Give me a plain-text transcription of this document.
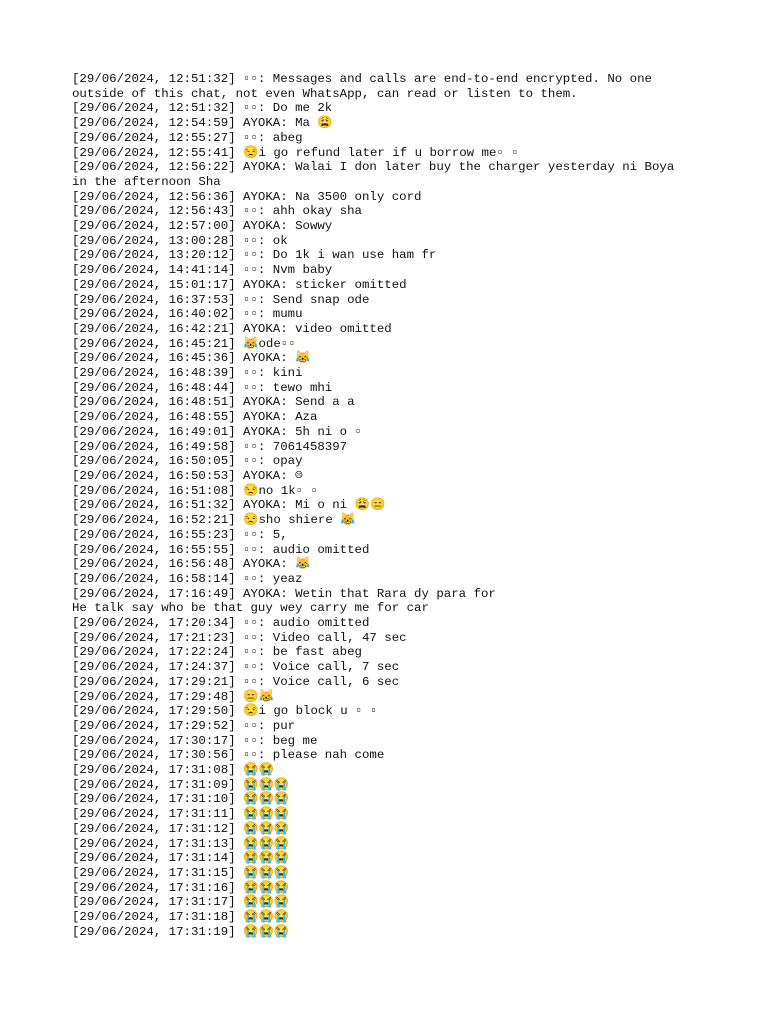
[29/06/2024, 12:51:32] ▫▫: Messages and calls are end-to-end encrypted. No one outside of this chat, not even WhatsApp, can read or listen to them.
[29/06/2024, 12:51:32] ▫▫: Do me 2k
[29/06/2024, 12:54:59] AYOKA: Ma 😩
[29/06/2024, 12:55:27] ▫▫: abeg
[29/06/2024, 12:55:41] 😒i go refund later if u borrow me▫ ▫
[29/06/2024, 12:56:22] AYOKA: Walai I don later buy the charger yesterday ni Boya in the afternoon Sha
[29/06/2024, 12:56:36] AYOKA: Na 3500 only cord
[29/06/2024, 12:56:43] ▫▫: ahh okay sha
[29/06/2024, 12:57:00] AYOKA: Sowwy
[29/06/2024, 13:00:28] ▫▫: ok
[29/06/2024, 13:20:12] ▫▫: Do 1k i wan use ham fr
[29/06/2024, 14:41:14] ▫▫: Nvm baby
[29/06/2024, 15:01:17] AYOKA: sticker omitted
[29/06/2024, 16:37:53] ▫▫: Send snap ode
[29/06/2024, 16:40:02] ▫▫: mumu
[29/06/2024, 16:42:21] AYOKA: video omitted
[29/06/2024, 16:45:21] 😹ode▫▫
[29/06/2024, 16:45:36] AYOKA: 😹
[29/06/2024, 16:48:39] ▫▫: kini
[29/06/2024, 16:48:44] ▫▫: tewo mhi
[29/06/2024, 16:48:51] AYOKA: Send a a
[29/06/2024, 16:48:55] AYOKA: Aza
[29/06/2024, 16:49:01] AYOKA: 5h ni o ▫
[29/06/2024, 16:49:58] ▫▫: 7061458397
[29/06/2024, 16:50:05] ▫▫: opay
[29/06/2024, 16:50:53] AYOKA: ☹
[29/06/2024, 16:51:08] 😒no 1k▫ ▫
[29/06/2024, 16:51:32] AYOKA: Mi o ni 😩😑
[29/06/2024, 16:52:21] 😒sho shiere 😹
[29/06/2024, 16:55:23] ▫▫: 5,
[29/06/2024, 16:55:55] ▫▫: audio omitted
[29/06/2024, 16:56:48] AYOKA: 😹
[29/06/2024, 16:58:14] ▫▫: yeaz
[29/06/2024, 17:16:49] AYOKA: Wetin that Rara dy para for
He talk say who be that guy wey carry me for car
[29/06/2024, 17:20:34] ▫▫: audio omitted
[29/06/2024, 17:21:23] ▫▫: Video call, 47 sec
[29/06/2024, 17:22:24] ▫▫: be fast abeg
[29/06/2024, 17:24:37] ▫▫: Voice call, 7 sec
[29/06/2024, 17:29:21] ▫▫: Voice call, 6 sec
[29/06/2024, 17:29:48] 😑😹
[29/06/2024, 17:29:50] 😒i go block u ▫ ▫
[29/06/2024, 17:29:52] ▫▫: pur
[29/06/2024, 17:30:17] ▫▫: beg me
[29/06/2024, 17:30:56] ▫▫: please nah come
[29/06/2024, 17:31:08] 😭😭
[29/06/2024, 17:31:09] 😭😭😭
[29/06/2024, 17:31:10] 😭😭😭
[29/06/2024, 17:31:11] 😭😭😭
[29/06/2024, 17:31:12] 😭😭😭
[29/06/2024, 17:31:13] 😭😭😭
[29/06/2024, 17:31:14] 😭😭😭
[29/06/2024, 17:31:15] 😭😭😭
[29/06/2024, 17:31:16] 😭😭😭
[29/06/2024, 17:31:17] 😭😭😭
[29/06/2024, 17:31:18] 😭😭😭
[29/06/2024, 17:31:19] 😭😭😭
